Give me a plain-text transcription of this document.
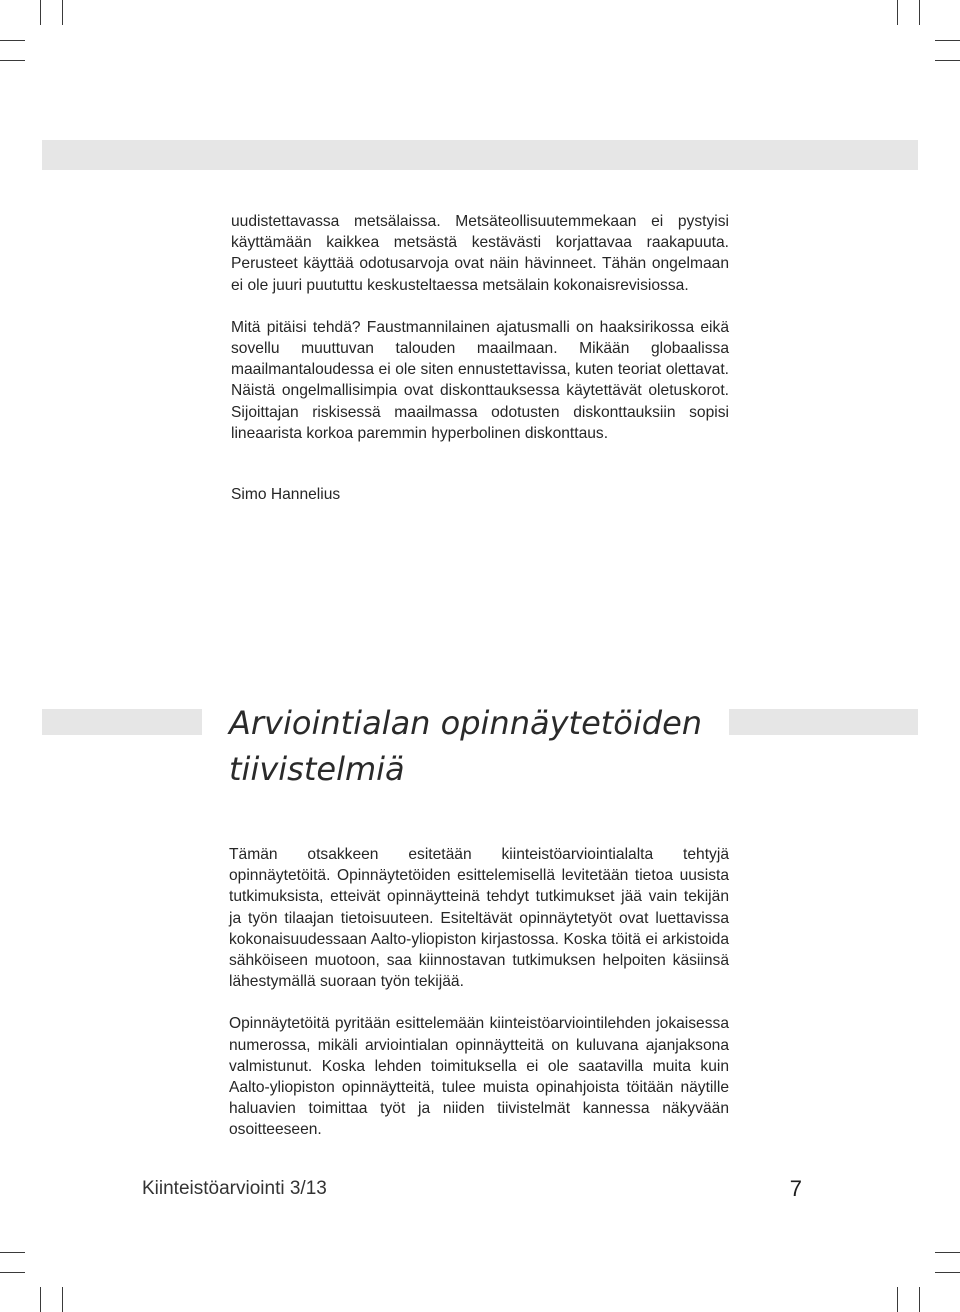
uudistettavassa metsälaissa. Metsäteollisuutemmekaan ei pystyisi käyttämään kaikkea metsästä kestävästi korjattavaa raakapuuta. Perusteet käyttää odotusarvoja ovat näin hävinneet. Tähän ongelmaan ei ole juuri puututtu keskusteltaessa metsälain kokonaisrevisiossa.

Mitä pitäisi tehdä? Faustmannilainen ajatusmalli on haaksirikossa eikä sovellu muuttuvan talouden maailmaan. Mikään globaalissa maailmantaloudessa ei ole siten ennustettavissa, kuten teoriat olettavat. Näistä ongelmallisimpia ovat diskonttauksessa käytettävät oletuskorot. Sijoittajan riskisessä maailmassa odotusten diskonttauksiin sopisi lineaarista korkoa paremmin hyperbolinen diskonttaus.

Simo Hannelius
Arviointialan opinnäytetöiden
tiivistelmiä

Tämän otsakkeen esitetään kiinteistöarviointialalta tehtyjä opinnäytetöitä. Opinnäytetöiden esittelemisellä levitetään tietoa uusista tutkimuksista, etteivät opinnäytteinä tehdyt tutkimukset jää vain tekijän ja työn tilaajan tietoisuuteen. Esiteltävät opinnäytetyöt ovat luettavissa kokonaisuudessaan Aalto-yliopiston kirjastossa. Koska töitä ei arkistoida sähköiseen muotoon, saa kiinnostavan tutkimuksen helpoiten käsiinsä lähestymällä suoraan työn tekijää.

Opinnäytetöitä pyritään esittelemään kiinteistöarviointilehden jokaisessa numerossa, mikäli arviointialan opinnäytteitä on kuluvana ajanjaksona valmistunut. Koska lehden toimituksella ei ole saatavilla muita kuin Aalto-yliopiston opinnäytteitä, tulee muista opinahjoista töitään näytille haluavien toimittaa työt ja niiden tiivistelmät kannessa näkyvään osoitteeseen.

Kiinteistöarviointi 3/13	7
